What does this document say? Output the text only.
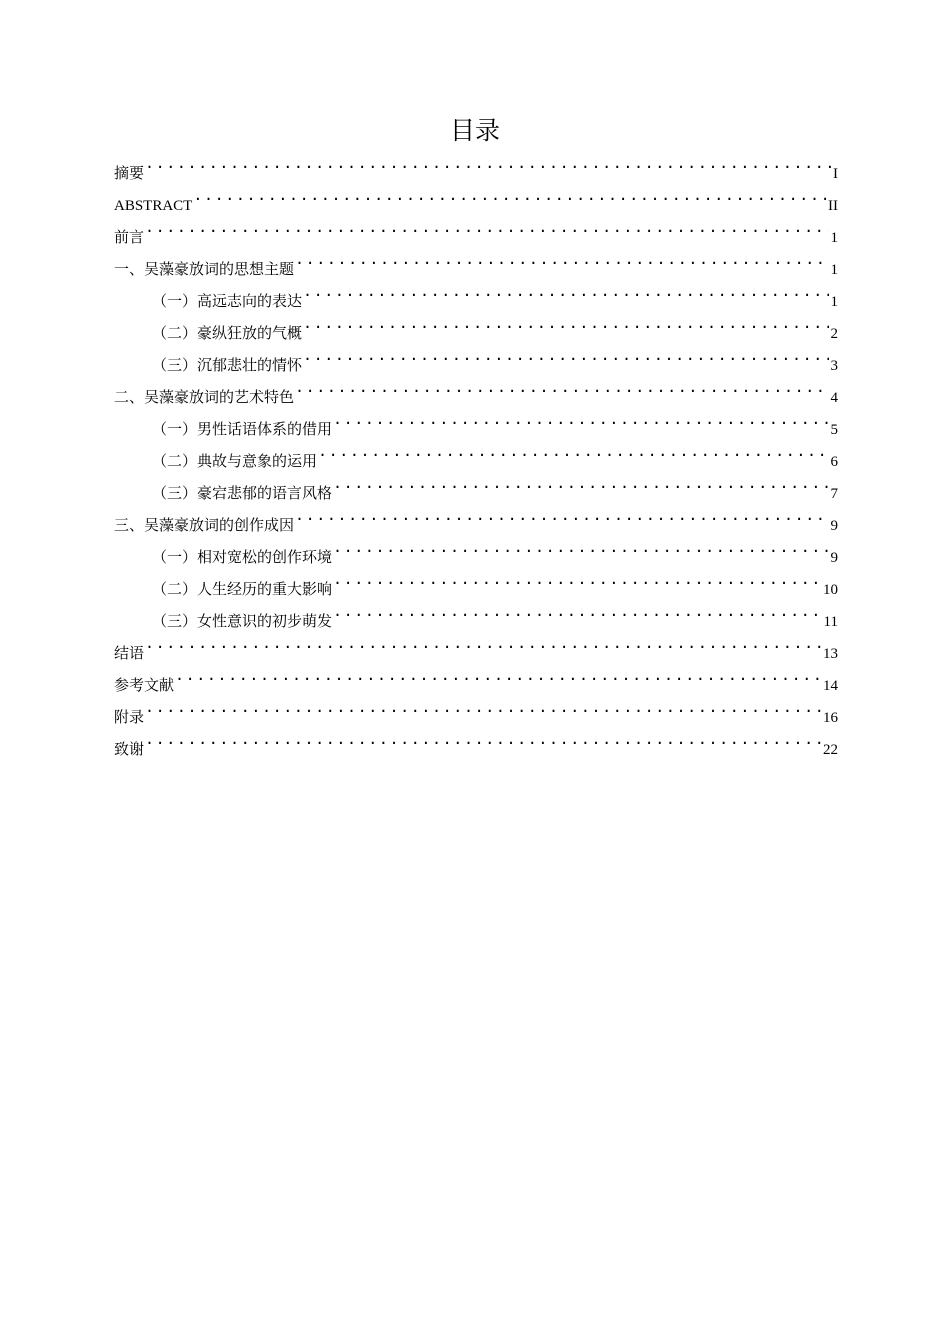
目录
摘要 .....	I
ABSTRACT .....	II
前言 .....	1
一、吴藻豪放词的思想主题 .....	1
（一）高远志向的表达 .....	1
（二）豪纵狂放的气概 .....	2
（三）沉郁悲壮的情怀 .....	3
二、吴藻豪放词的艺术特色 .....	4
（一）男性话语体系的借用 .....	5
（二）典故与意象的运用 .....	6
（三）豪宕悲郁的语言风格 .....	7
三、吴藻豪放词的创作成因 .....	9
（一）相对宽松的创作环境 .....	9
（二）人生经历的重大影响 .....	10
（三）女性意识的初步萌发 .....	11
结语 .....	13
参考文献 .....	14
附录 .....	16
致谢 .....	22
